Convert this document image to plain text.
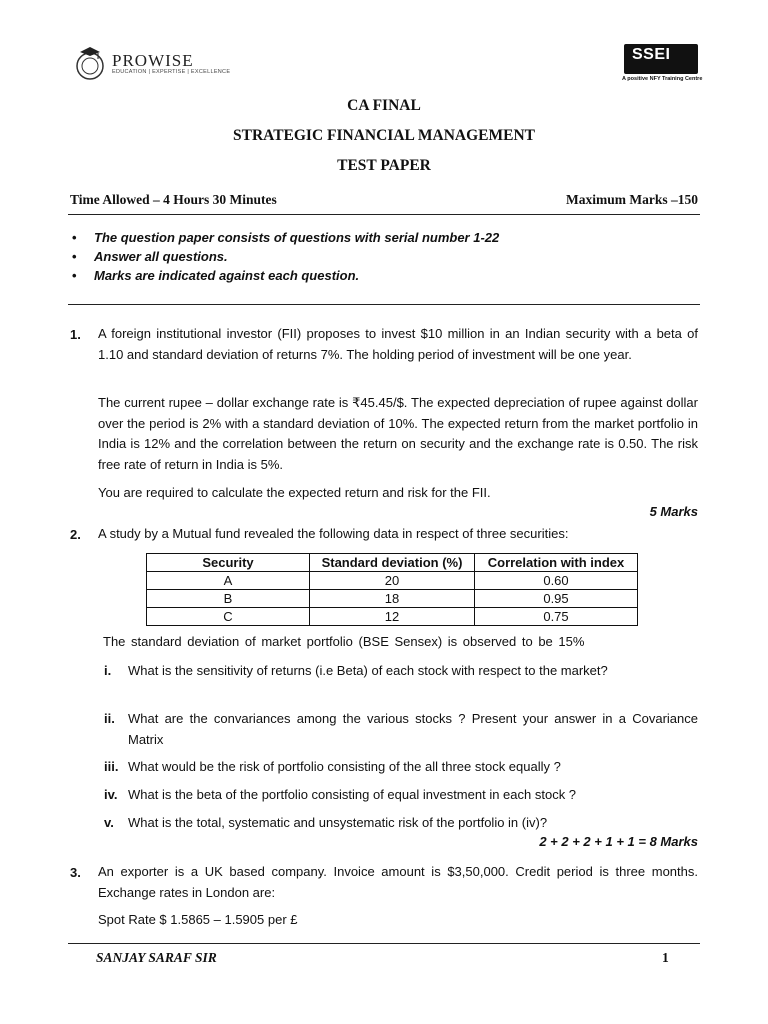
PROWISE
EDUCATION | EXPERTISE | EXCELLENCE
SSEI
A positive NFY Training Centre
CA FINAL
STRATEGIC FINANCIAL MANAGEMENT
TEST PAPER
Time Allowed – 4 Hours 30 Minutes	Maximum Marks –150
• The question paper consists of questions with serial number 1-22
• Answer all questions.
• Marks are indicated against each question.
1. A foreign institutional investor (FII) proposes to invest $10 million in an Indian security with a beta of 1.10 and standard deviation of returns 7%. The holding period of investment will be one year.
The current rupee – dollar exchange rate is ₹45.45/$. The expected depreciation of rupee against dollar over the period is 2% with a standard deviation of 10%. The expected return from the market portfolio in India is 12% and the correlation between the return on security and the exchange rate is 0.50. The risk free rate of return in India is 5%.
You are required to calculate the expected return and risk for the FII.
5 Marks
2. A study by a Mutual fund revealed the following data in respect of three securities:
Security	Standard deviation (%)	Correlation with index
A	20	0.60
B	18	0.95
C	12	0.75
The standard deviation of market portfolio (BSE Sensex) is observed to be 15%
i. What is the sensitivity of returns (i.e Beta) of each stock with respect to the market?
ii. What are the convariances among the various stocks ? Present your answer in a Covariance Matrix
iii. What would be the risk of portfolio consisting of the all three stock equally ?
iv. What is the beta of the portfolio consisting of equal investment in each stock ?
v. What is the total, systematic and unsystematic risk of the portfolio in (iv)?
2 + 2 + 2 + 1 + 1 = 8 Marks
3. An exporter is a UK based company. Invoice amount is $3,50,000. Credit period is three months. Exchange rates in London are:
Spot Rate $ 1.5865 – 1.5905 per £
SANJAY SARAF SIR	1
